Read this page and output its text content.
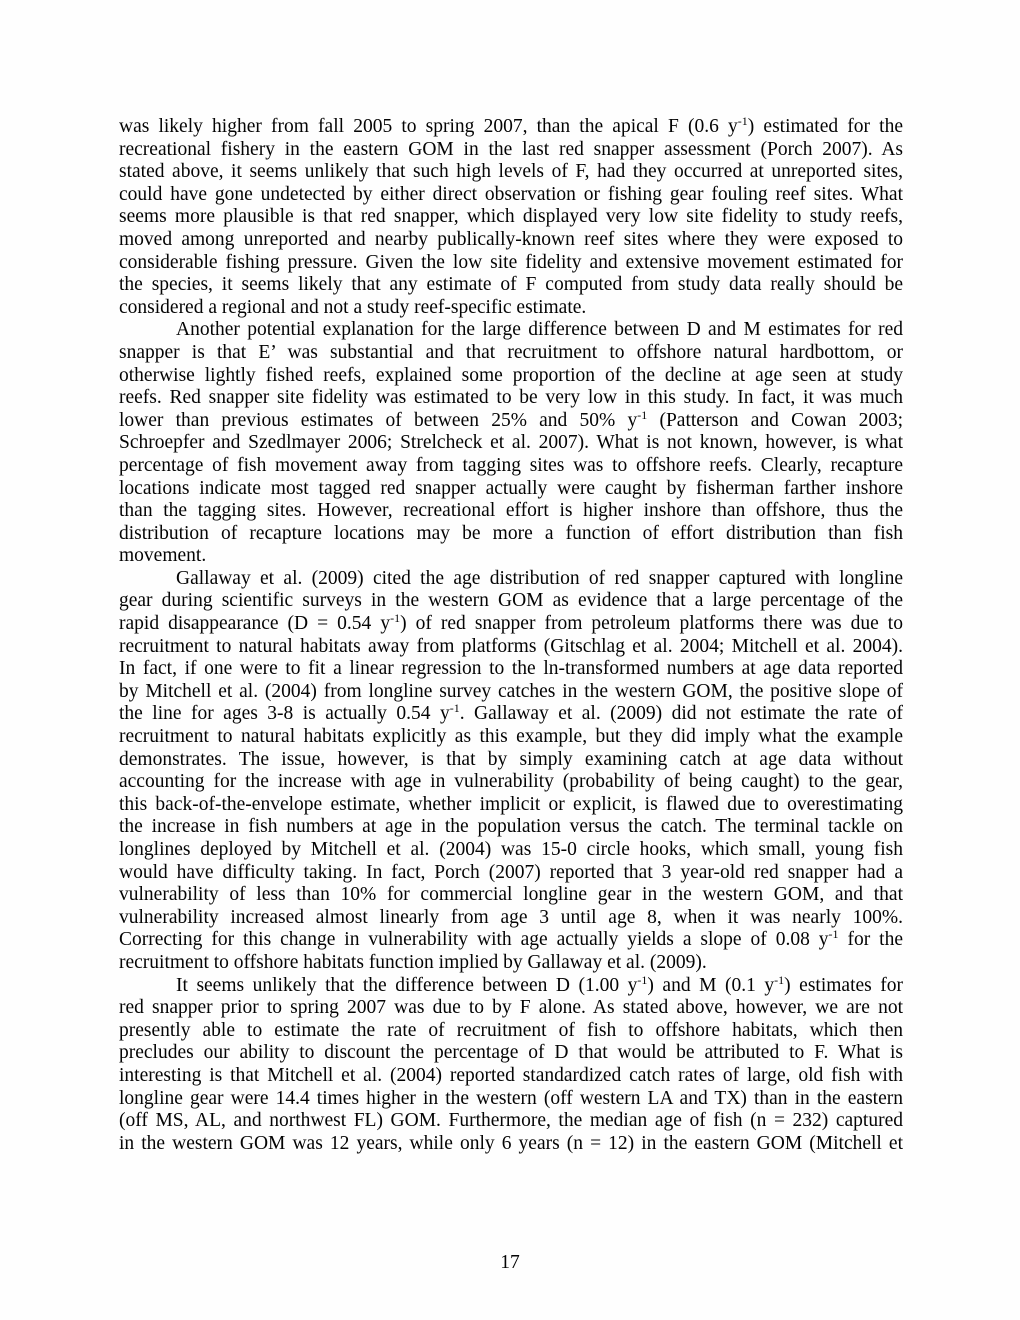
was likely higher from fall 2005 to spring 2007, than the apical F (0.6 $y^{-1}$) estimated for the
recreational fishery in the eastern GOM in the last red snapper assessment (Porch 2007). As
stated above, it seems unlikely that such high levels of F, had they occurred at unreported sites,
could have gone undetected by either direct observation or fishing gear fouling reef sites. What
seems more plausible is that red snapper, which displayed very low site fidelity to study reefs,
moved among unreported and nearby publically-known reef sites where they were exposed to
considerable fishing pressure. Given the low site fidelity and extensive movement estimated for
the species, it seems likely that any estimate of F computed from study data really should be
considered a regional and not a study reef-specific estimate.
Another potential explanation for the large difference between D and M estimates for red
snapper is that E’ was substantial and that recruitment to offshore natural hardbottom, or
otherwise lightly fished reefs, explained some proportion of the decline at age seen at study
reefs. Red snapper site fidelity was estimated to be very low in this study. In fact, it was much
lower than previous estimates of between 25% and 50% $y^{-1}$ (Patterson and Cowan 2003;
Schroepfer and Szedlmayer 2006; Strelcheck et al. 2007). What is not known, however, is what
percentage of fish movement away from tagging sites was to offshore reefs. Clearly, recapture
locations indicate most tagged red snapper actually were caught by fisherman farther inshore
than the tagging sites. However, recreational effort is higher inshore than offshore, thus the
distribution of recapture locations may be more a function of effort distribution than fish
movement.
Gallaway et al. (2009) cited the age distribution of red snapper captured with longline
gear during scientific surveys in the western GOM as evidence that a large percentage of the
rapid disappearance (D = 0.54 $y^{-1}$) of red snapper from petroleum platforms there was due to
recruitment to natural habitats away from platforms (Gitschlag et al. 2004; Mitchell et al. 2004).
In fact, if one were to fit a linear regression to the ln-transformed numbers at age data reported
by Mitchell et al. (2004) from longline survey catches in the western GOM, the positive slope of
the line for ages 3-8 is actually 0.54 $y^{-1}$. Gallaway et al. (2009) did not estimate the rate of
recruitment to natural habitats explicitly as this example, but they did imply what the example
demonstrates. The issue, however, is that by simply examining catch at age data without
accounting for the increase with age in vulnerability (probability of being caught) to the gear,
this back-of-the-envelope estimate, whether implicit or explicit, is flawed due to overestimating
the increase in fish numbers at age in the population versus the catch. The terminal tackle on
longlines deployed by Mitchell et al. (2004) was 15-0 circle hooks, which small, young fish
would have difficulty taking. In fact, Porch (2007) reported that 3 year-old red snapper had a
vulnerability of less than 10% for commercial longline gear in the western GOM, and that
vulnerability increased almost linearly from age 3 until age 8, when it was nearly 100%.
Correcting for this change in vulnerability with age actually yields a slope of 0.08 $y^{-1}$ for the
recruitment to offshore habitats function implied by Gallaway et al. (2009).
It seems unlikely that the difference between D (1.00 $y^{-1}$) and M (0.1 $y^{-1}$) estimates for
red snapper prior to spring 2007 was due to by F alone. As stated above, however, we are not
presently able to estimate the rate of recruitment of fish to offshore habitats, which then
precludes our ability to discount the percentage of D that would be attributed to F. What is
interesting is that Mitchell et al. (2004) reported standardized catch rates of large, old fish with
longline gear were 14.4 times higher in the western (off western LA and TX) than in the eastern
(off MS, AL, and northwest FL) GOM. Furthermore, the median age of fish (n = 232) captured
in the western GOM was 12 years, while only 6 years (n = 12) in the eastern GOM (Mitchell et
17
